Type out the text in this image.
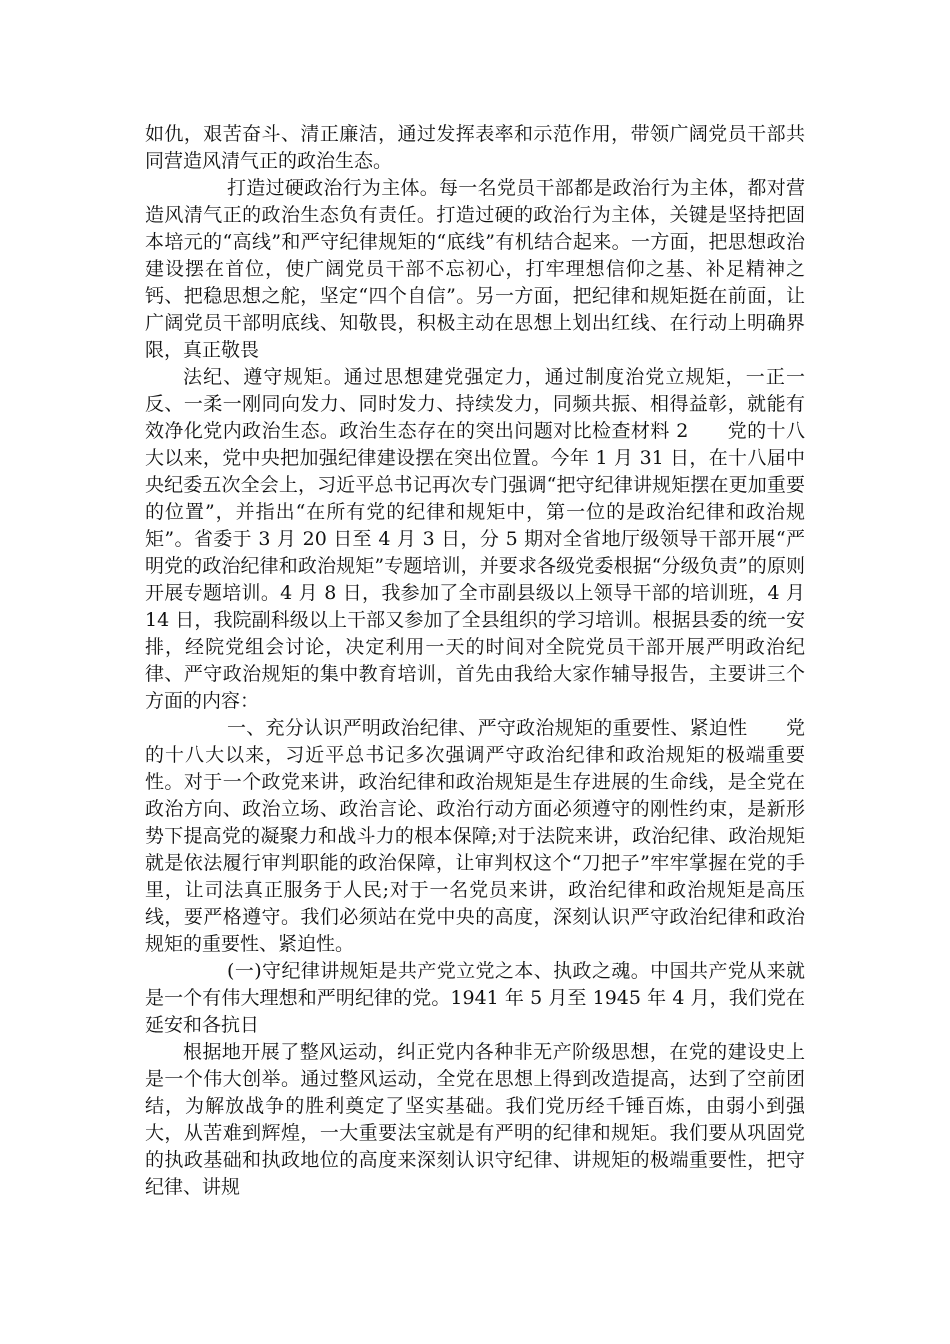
如仇，艰苦奋斗、清正廉洁，通过发挥表率和示范作用，带领广阔党员干部共同营造风清气正的政治生态。

打造过硬政治行为主体。每一名党员干部都是政治行为主体，都对营造风清气正的政治生态负有责任。打造过硬的政治行为主体，关键是坚持把固本培元的“高线”和严守纪律规矩的“底线”有机结合起来。一方面，把思想政治建设摆在首位，使广阔党员干部不忘初心，打牢理想信仰之基、补足精神之钙、把稳思想之舵，坚定“四个自信”。另一方面，把纪律和规矩挺在前面，让广阔党员干部明底线、知敬畏，积极主动在思想上划出红线、在行动上明确界限，真正敬畏

法纪、遵守规矩。通过思想建党强定力，通过制度治党立规矩，一正一反、一柔一刚同向发力、同时发力、持续发力，同频共振、相得益彰，就能有效净化党内政治生态。政治生态存在的突出问题对比检查材料 2　　党的十八大以来，党中央把加强纪律建设摆在突出位置。今年 1 月 31 日，在十八届中央纪委五次全会上，习近平总书记再次专门强调“把守纪律讲规矩摆在更加重要的位置”，并指出“在所有党的纪律和规矩中，第一位的是政治纪律和政治规矩”。省委于 3 月 20 日至 4 月 3 日，分 5 期对全省地厅级领导干部开展“严明党的政治纪律和政治规矩”专题培训，并要求各级党委根据“分级负责”的原则开展专题培训。4 月 8 日，我参加了全市副县级以上领导干部的培训班，4 月 14 日，我院副科级以上干部又参加了全县组织的学习培训。根据县委的统一安排，经院党组会讨论，决定利用一天的时间对全院党员干部开展严明政治纪律、严守政治规矩的集中教育培训，首先由我给大家作辅导报告，主要讲三个方面的内容：

一、充分认识严明政治纪律、严守政治规矩的重要性、紧迫性　　党的十八大以来，习近平总书记多次强调严守政治纪律和政治规矩的极端重要性。对于一个政党来讲，政治纪律和政治规矩是生存进展的生命线，是全党在政治方向、政治立场、政治言论、政治行动方面必须遵守的刚性约束，是新形势下提高党的凝聚力和战斗力的根本保障;对于法院来讲，政治纪律、政治规矩就是依法履行审判职能的政治保障，让审判权这个“刀把子”牢牢掌握在党的手里，让司法真正服务于人民;对于一名党员来讲，政治纪律和政治规矩是高压线，要严格遵守。我们必须站在党中央的高度，深刻认识严守政治纪律和政治规矩的重要性、紧迫性。

(一)守纪律讲规矩是共产党立党之本、执政之魂。中国共产党从来就是一个有伟大理想和严明纪律的党。1941 年 5 月至 1945 年 4 月，我们党在延安和各抗日

根据地开展了整风运动，纠正党内各种非无产阶级思想，在党的建设史上是一个伟大创举。通过整风运动，全党在思想上得到改造提高，达到了空前团结，为解放战争的胜利奠定了坚实基础。我们党历经千锤百炼，由弱小到强大，从苦难到辉煌，一大重要法宝就是有严明的纪律和规矩。我们要从巩固党的执政基础和执政地位的高度来深刻认识守纪律、讲规矩的极端重要性，把守纪律、讲规
